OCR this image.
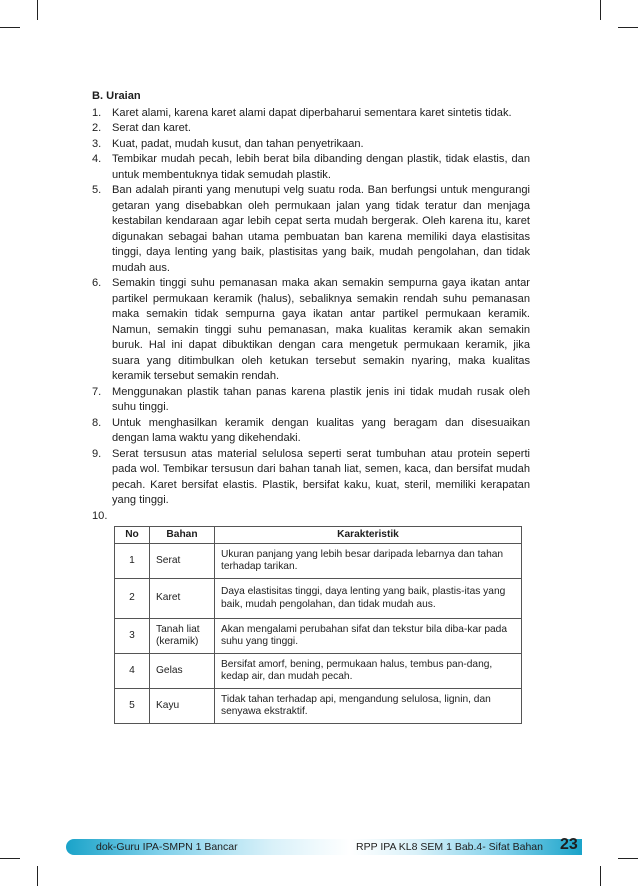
B. Uraian
1. Karet alami, karena karet alami dapat diperbaharui sementara karet sintetis tidak.
2. Serat dan karet.
3. Kuat, padat, mudah kusut, dan tahan penyetrikaan.
4. Tembikar mudah pecah, lebih berat bila dibanding dengan plastik, tidak elastis, dan untuk membentuknya tidak semudah plastik.
5. Ban adalah piranti yang menutupi velg suatu roda. Ban berfungsi untuk mengurangi getaran yang disebabkan oleh permukaan jalan yang tidak teratur dan menjaga kestabilan kendaraan agar lebih cepat serta mudah bergerak. Oleh karena itu, karet digunakan sebagai bahan utama pembuatan ban karena memiliki daya elastisitas tinggi, daya lenting yang baik, plastisitas yang baik, mudah pengolahan, dan tidak mudah aus.
6. Semakin tinggi suhu pemanasan maka akan semakin sempurna gaya ikatan antar partikel permukaan keramik (halus), sebaliknya semakin rendah suhu pemanasan maka semakin tidak sempurna gaya ikatan antar partikel permukaan keramik. Namun, semakin tinggi suhu pemanasan, maka kualitas keramik akan semakin buruk. Hal ini dapat dibuktikan dengan cara mengetuk permukaan keramik, jika suara yang ditimbulkan oleh ketukan tersebut semakin nyaring, maka kualitas keramik tersebut semakin rendah.
7. Menggunakan plastik tahan panas karena plastik jenis ini tidak mudah rusak oleh suhu tinggi.
8. Untuk menghasilkan keramik dengan kualitas yang beragam dan disesuaikan dengan lama waktu yang dikehendaki.
9. Serat tersusun atas material selulosa seperti serat tumbuhan atau protein seperti pada wol. Tembikar tersusun dari bahan tanah liat, semen, kaca, dan bersifat mudah pecah. Karet bersifat elastis. Plastik, bersifat kaku, kuat, steril, memiliki kerapatan yang tinggi.
10.
No	Bahan	Karakteristik
1	Serat	Ukuran panjang yang lebih besar daripada lebarnya dan tahan terhadap tarikan.
2	Karet	Daya elastisitas tinggi, daya lenting yang baik, plastis-itas yang baik, mudah pengolahan, dan tidak mudah aus.
3	Tanah liat (keramik)	Akan mengalami perubahan sifat dan tekstur bila diba-kar pada suhu yang tinggi.
4	Gelas	Bersifat amorf, bening, permukaan halus, tembus pan-dang, kedap air, dan mudah pecah.
5	Kayu	Tidak tahan terhadap api, mengandung selulosa, lignin, dan senyawa ekstraktif.
dok-Guru IPA-SMPN 1 Bancar	RPP IPA KL8 SEM 1 Bab.4- Sifat Bahan 23
